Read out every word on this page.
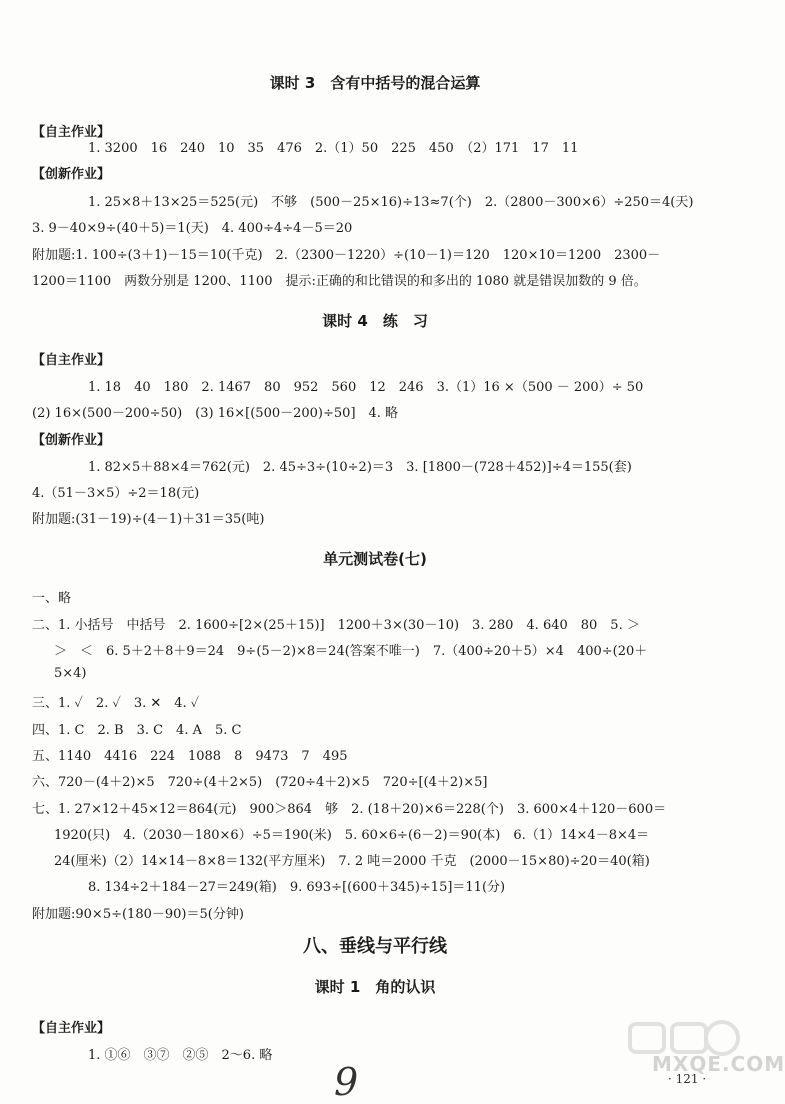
课时 3　含有中括号的混合运算
【自主作业】
1. 3200　16　240　10　35　476　2.（1）50　225　450　（2）171　17　11
【创新作业】
1. 25×8＋13×25＝525(元)　不够　(500－25×16)÷13≈7(个)　2.（2800－300×6）÷250＝4(天)
3. 9－40×9÷(40＋5)＝1(天)　4. 400÷4÷4－5＝20
附加题:1. 100÷(3＋1)－15＝10(千克)　2.（2300－1220）÷(10－1)＝120　120×10＝1200　2300－
1200＝1100　两数分别是 1200、1100　提示:正确的和比错误的和多出的 1080 就是错误加数的 9 倍。
课时 4　练　习
【自主作业】
1. 18　40　180　2. 1467　80　952　560　12　246　3.（1）16 ×（500 － 200）÷ 50
(2) 16×(500－200÷50)　(3) 16×[(500－200)÷50]　4. 略
【创新作业】
1. 82×5＋88×4＝762(元)　2. 45÷3÷(10÷2)＝3　3. [1800－(728＋452)]÷4＝155(套)
4.（51－3×5）÷2＝18(元)
附加题:(31－19)÷(4－1)＋31＝35(吨)
单元测试卷(七)
一、略
二、1. 小括号　中括号　2. 1600÷[2×(25＋15)]　1200＋3×(30－10)　3. 280　4. 640　80　5. ＞
＞　＜　6. 5＋2＋8＋9＝24　9÷(5－2)×8＝24(答案不唯一)　7.（400÷20＋5）×4　400÷(20＋
5×4)
三、1. ✓　2. ✓　3. ✕　4. ✓
四、1. C　2. B　3. C　4. A　5. C
五、1140　4416　224　1088　8　9473　7　495
六、720－(4＋2)×5　720÷(4＋2×5)　(720÷4＋2)×5　720÷[(4＋2)×5]
七、1. 27×12＋45×12＝864(元)　900＞864　够　2. (18＋20)×6＝228(个)　3. 600×4＋120－600＝
1920(只)　4.（2030－180×6）÷5＝190(米)　5. 60×6÷(6－2)＝90(本)　6.（1）14×4－8×4＝
24(厘米)（2）14×14－8×8＝132(平方厘米)　7. 2 吨＝2000 千克　(2000－15×80)÷20＝40(箱)
8. 134÷2＋184－27＝249(箱)　9. 693÷[(600＋345)÷15]＝11(分)
附加题:90×5÷(180－90)＝5(分钟)
八、垂线与平行线
课时 1　角的认识
【自主作业】
1. ①⑥　③⑦　②⑤　2～6. 略
9	MXQE.COM
· 121 ·
